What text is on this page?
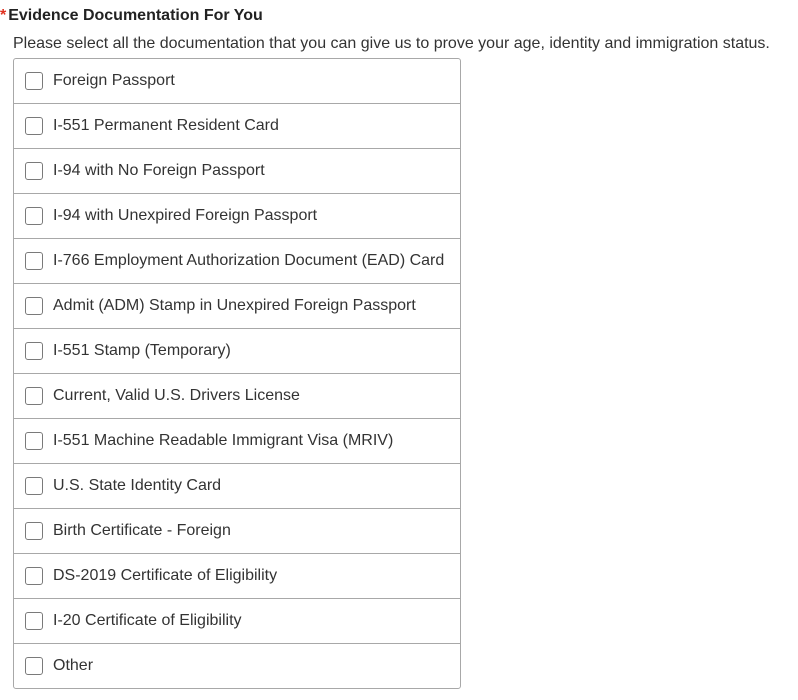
* Evidence Documentation For You
Please select all the documentation that you can give us to prove your age, identity and immigration status.
Foreign Passport
I-551 Permanent Resident Card
I-94 with No Foreign Passport
I-94 with Unexpired Foreign Passport
I-766 Employment Authorization Document (EAD) Card
Admit (ADM) Stamp in Unexpired Foreign Passport
I-551 Stamp (Temporary)
Current, Valid U.S. Drivers License
I-551 Machine Readable Immigrant Visa (MRIV)
U.S. State Identity Card
Birth Certificate - Foreign
DS-2019 Certificate of Eligibility
I-20 Certificate of Eligibility
Other
